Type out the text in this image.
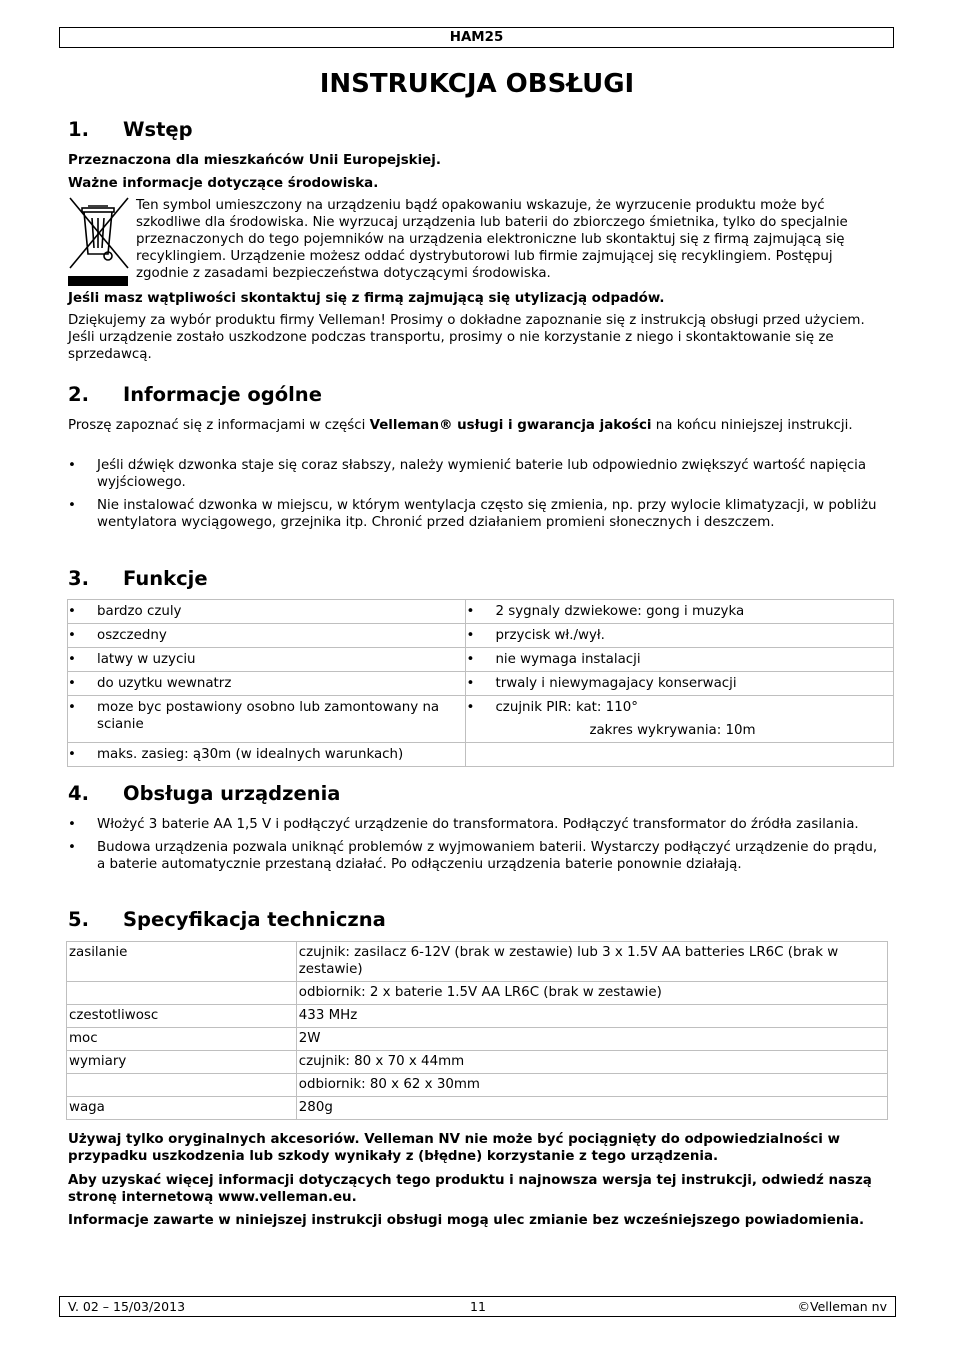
HAM25
INSTRUKCJA OBSŁUGI
1. Wstęp

Przeznaczona dla mieszkańców Unii Europejskiej.

Ważne informacje dotyczące środowiska.

Ten symbol umieszczony na urządzeniu bądź opakowaniu wskazuje, że wyrzucenie produktu może być szkodliwe dla środowiska. Nie wyrzucaj urządzenia lub baterii do zbiorczego śmietnika, tylko do specjalnie przeznaczonych do tego pojemników na urządzenia elektroniczne lub skontaktuj się z firmą zajmującą się recyklingiem. Urządzenie możesz oddać dystrybutorowi lub firmie zajmującej się recyklingiem. Postępuj zgodnie z zasadami bezpieczeństwa dotyczącymi środowiska.

Jeśli masz wątpliwości skontaktuj się z firmą zajmującą się utylizacją odpadów.

Dziękujemy za wybór produktu firmy Velleman! Prosimy o dokładne zapoznanie się z instrukcją obsługi przed użyciem. Jeśli urządzenie zostało uszkodzone podczas transportu, prosimy o nie korzystanie z niego i skontaktowanie się ze sprzedawcą.

2. Informacje ogólne

Proszę zapoznać się z informacjami w części Velleman® usługi i gwarancja jakości na końcu niniejszej instrukcji.

• Jeśli dźwięk dzwonka staje się coraz słabszy, należy wymienić baterie lub odpowiednio zwiększyć wartość napięcia wyjściowego.
• Nie instalować dzwonka w miejscu, w którym wentylacja często się zmienia, np. przy wylocie klimatyzacji, w pobliżu wentylatora wyciągowego, grzejnika itp. Chronić przed działaniem promieni słonecznych i deszczem.
3. Funkcje
• bardzo czuly	• 2 sygnaly dzwiekowe: gong i muzyka

• oszczedny	• przycisk wł./wył.

• latwy w uzyciu	• nie wymaga instalacji

• do uzytku wewnatrz	• trwaly i niewymagajacy konserwacji

• moze byc postawiony osobno lub zamontowany na scianie	• czujnik PIR: kat: 110°
zakres wykrywania: 10m

• maks. zasieg: ą30m (w idealnych warunkach)

4. Obsługa urządzenia
• Włożyć 3 baterie AA 1,5 V i podłączyć urządzenie do transformatora. Podłączyć transformator do źródła zasilania.
• Budowa urządzenia pozwala uniknąć problemów z wyjmowaniem baterii. Wystarczy podłączyć urządzenie do prądu, a baterie automatycznie przestaną działać. Po odłączeniu urządzenia baterie ponownie działają.
5. Specyfikacja techniczna
zasilanie	czujnik: zasilacz 6-12V (brak w zestawie) lub 3 x 1.5V AA batteries LR6C (brak w zestawie)
	odbiornik: 2 x baterie 1.5V AA LR6C (brak w zestawie)
czestotliwosc	433 MHz
moc	2W
wymiary	czujnik: 80 x 70 x 44mm
	odbiornik: 80 x 62 x 30mm
waga	280g

Używaj tylko oryginalnych akcesoriów. Velleman NV nie może być pociągnięty do odpowiedzialności w przypadku uszkodzenia lub szkody wynikały z (błędne) korzystanie z tego urządzenia.

Aby uzyskać więcej informacji dotyczących tego produktu i najnowsza wersja tej instrukcji, odwiedź naszą stronę internetową www.velleman.eu.

Informacje zawarte w niniejszej instrukcji obsługi mogą ulec zmianie bez wcześniejszego powiadomienia.

V. 02 – 15/03/2013	11	©Velleman nv
